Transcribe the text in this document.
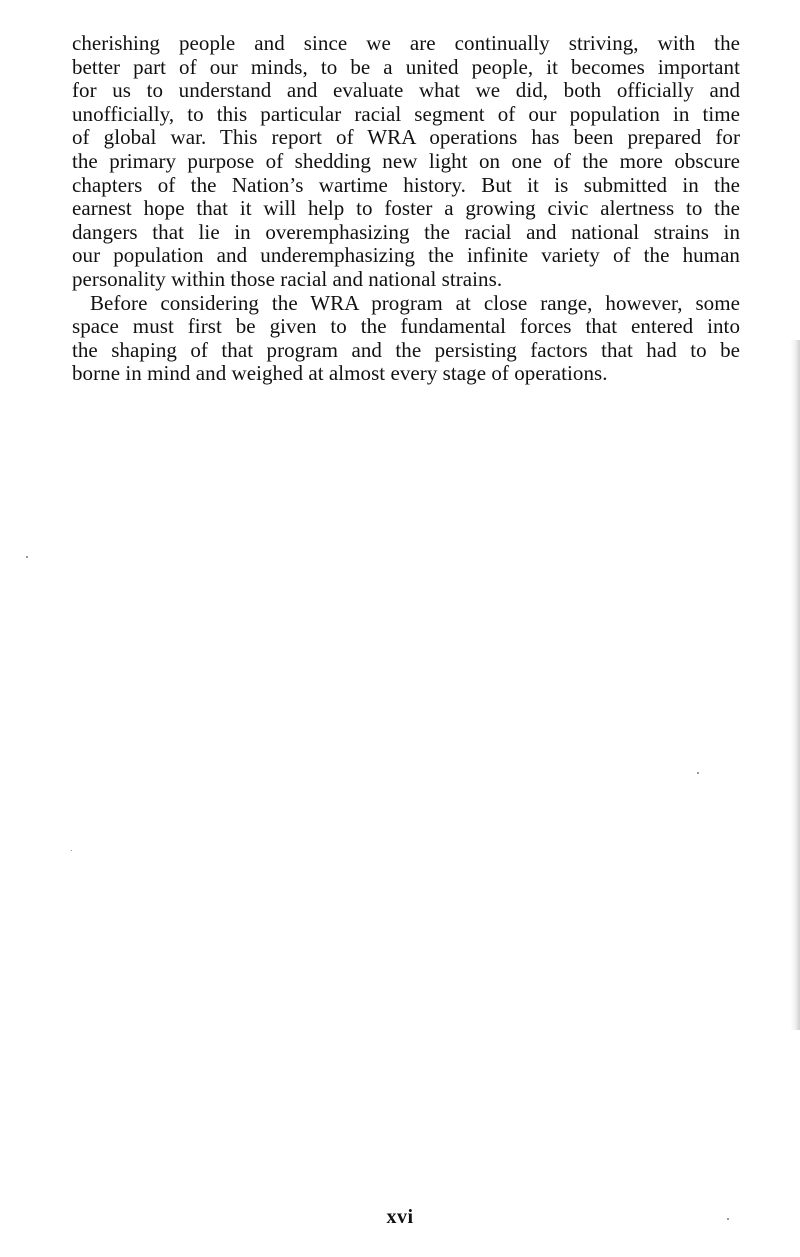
cherishing people and since we are continually striving, with the
better part of our minds, to be a united people, it becomes important
for us to understand and evaluate what we did, both officially and
unofficially, to this particular racial segment of our population in time
of global war. This report of WRA operations has been prepared for
the primary purpose of shedding new light on one of the more obscure
chapters of the Nation’s wartime history. But it is submitted in the
earnest hope that it will help to foster a growing civic alertness to the
dangers that lie in overemphasizing the racial and national strains in
our population and underemphasizing the infinite variety of the human
personality within those racial and national strains.

Before considering the WRA program at close range, however, some
space must first be given to the fundamental forces that entered into
the shaping of that program and the persisting factors that had to be
borne in mind and weighed at almost every stage of operations.

xvi
